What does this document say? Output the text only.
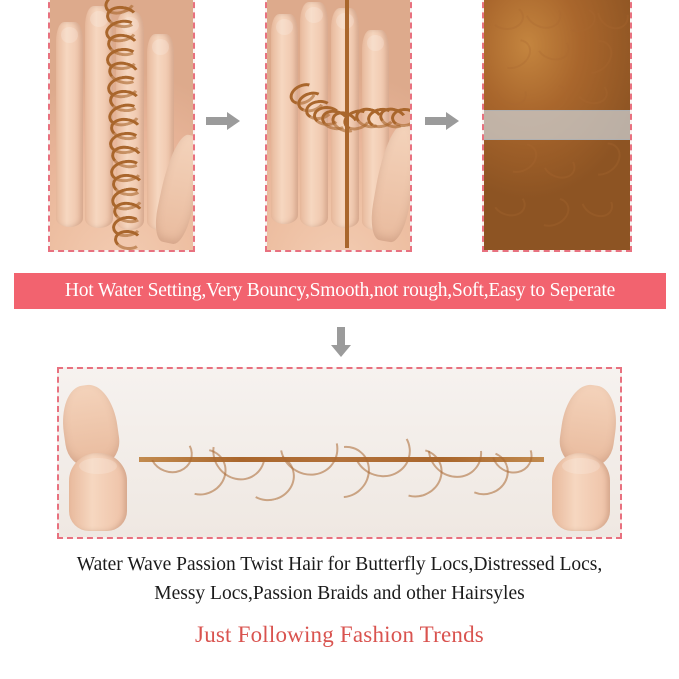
Hot Water Setting,Very Bouncy,Smooth,not rough,Soft,Easy to Seperate
Water Wave Passion Twist Hair for Butterfly Locs,Distressed Locs,
Messy Locs,Passion Braids and other Hairsyles
Just Following Fashion Trends
